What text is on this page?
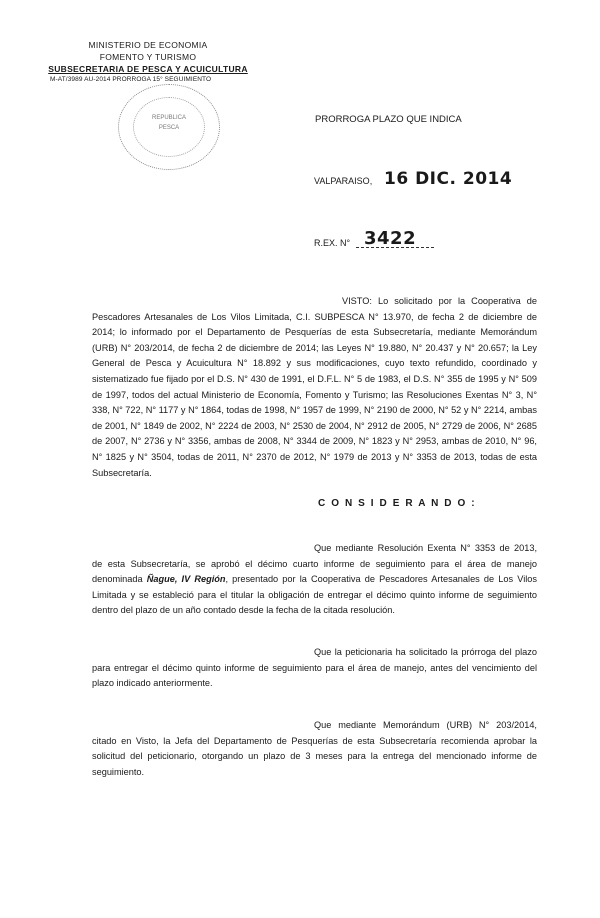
MINISTERIO DE ECONOMIA
FOMENTO Y TURISMO
SUBSECRETARIA DE PESCA Y ACUICULTURA
M-AT/3989 AU-2014 PRORROGA 15° SEGUIMIENTO
REPUBLICA
PESCA
PRORROGA PLAZO QUE INDICA
VALPARAISO, 16 DIC. 2014
R.EX. N° 3422
VISTO: Lo solicitado por la Cooperativa de Pescadores Artesanales de Los Vilos Limitada, C.I. SUBPESCA N° 13.970, de fecha 2 de diciembre de 2014; lo informado por el Departamento de Pesquerías de esta Subsecretaría, mediante Memorándum (URB) N° 203/2014, de fecha 2 de diciembre de 2014; las Leyes N° 19.880, N° 20.437 y N° 20.657; la Ley General de Pesca y Acuicultura N° 18.892 y sus modificaciones, cuyo texto refundido, coordinado y sistematizado fue fijado por el D.S. N° 430 de 1991, el D.F.L. N° 5 de 1983, el D.S. N° 355 de 1995 y N° 509 de 1997, todos del actual Ministerio de Economía, Fomento y Turismo; las Resoluciones Exentas N° 3, N° 338, N° 722, N° 1177 y N° 1864, todas de 1998, N° 1957 de 1999, N° 2190 de 2000, N° 52 y N° 2214, ambas de 2001, N° 1849 de 2002, N° 2224 de 2003, N° 2530 de 2004, N° 2912 de 2005, N° 2729 de 2006, N° 2685 de 2007, N° 2736 y N° 3356, ambas de 2008, N° 3344 de 2009, N° 1823 y N° 2953, ambas de 2010, N° 96, N° 1825 y N° 3504, todas de 2011, N° 2370 de 2012, N° 1979 de 2013 y N° 3353 de 2013, todas de esta Subsecretaría.
C O N S I D E R A N D O :
Que mediante Resolución Exenta N° 3353 de 2013, de esta Subsecretaría, se aprobó el décimo cuarto informe de seguimiento para el área de manejo denominada Ñague, IV Región, presentado por la Cooperativa de Pescadores Artesanales de Los Vilos Limitada y se estableció para el titular la obligación de entregar el décimo quinto informe de seguimiento dentro del plazo de un año contado desde la fecha de la citada resolución.
Que la peticionaria ha solicitado la prórroga del plazo para entregar el décimo quinto informe de seguimiento para el área de manejo, antes del vencimiento del plazo indicado anteriormente.
Que mediante Memorándum (URB) N° 203/2014, citado en Visto, la Jefa del Departamento de Pesquerías de esta Subsecretaría recomienda aprobar la solicitud del peticionario, otorgando un plazo de 3 meses para la entrega del mencionado informe de seguimiento.
